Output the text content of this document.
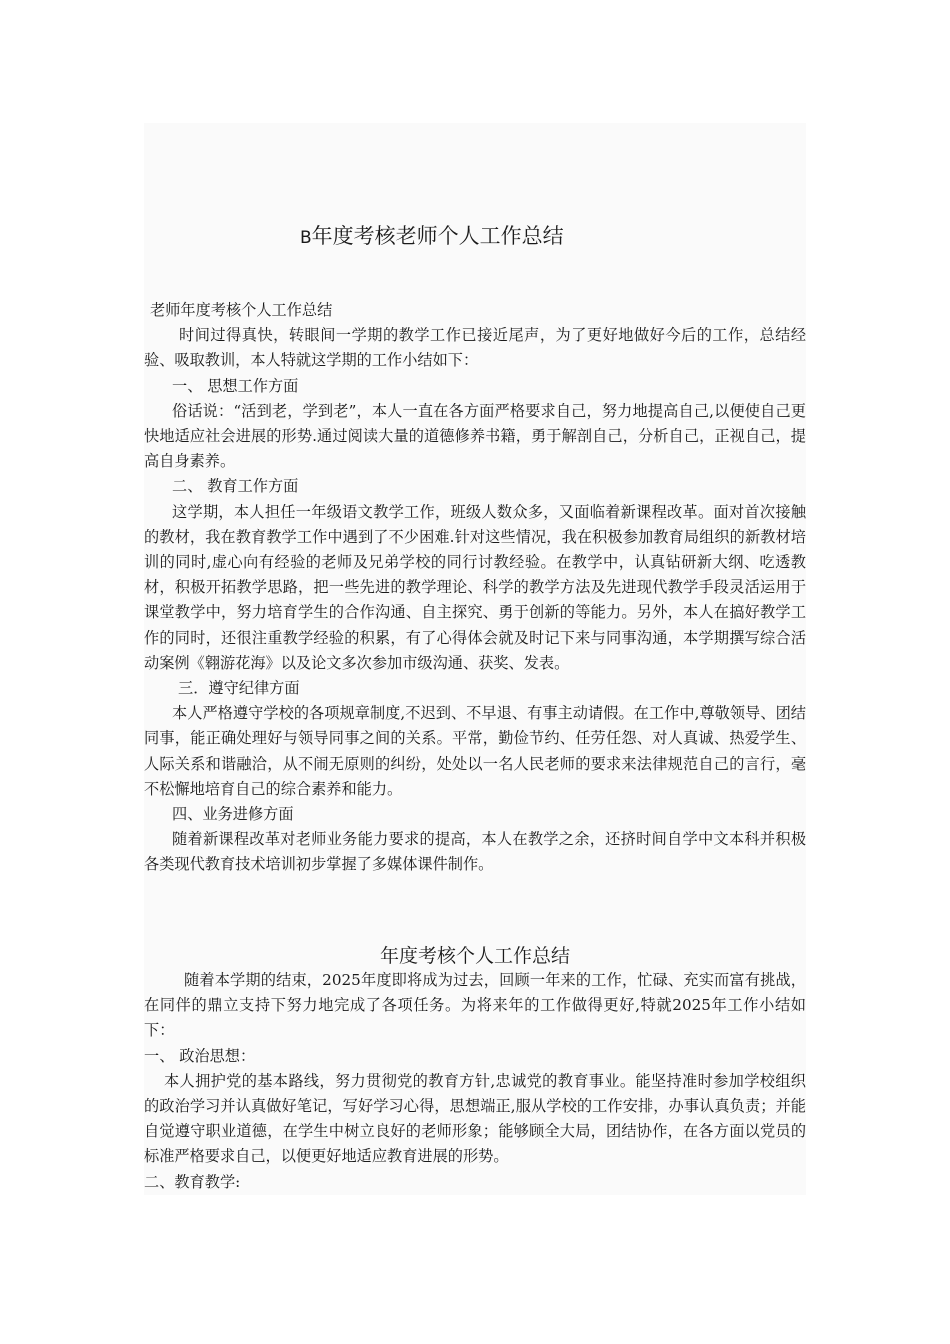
B年度考核老师个人工作总结

老师年度考核个人工作总结

时间过得真快，转眼间一学期的教学工作已接近尾声，为了更好地做好今后的工作，总结经验、吸取教训，本人特就这学期的工作小结如下：

一、 思想工作方面

俗话说：“活到老，学到老”，本人一直在各方面严格要求自己，努力地提高自己,以便使自己更快地适应社会进展的形势.通过阅读大量的道德修养书籍，勇于解剖自己，分析自己，正视自己，提高自身素养。

二、 教育工作方面

这学期，本人担任一年级语文教学工作，班级人数众多，又面临着新课程改革。面对首次接触的教材，我在教育教学工作中遇到了不少困难.针对这些情况，我在积极参加教育局组织的新教材培训的同时,虚心向有经验的老师及兄弟学校的同行讨教经验。在教学中，认真钻研新大纲、吃透教材，积极开拓教学思路，把一些先进的教学理论、科学的教学方法及先进现代教学手段灵活运用于课堂教学中，努力培育学生的合作沟通、自主探究、勇于创新的等能力。另外，本人在搞好教学工作的同时，还很注重教学经验的积累，有了心得体会就及时记下来与同事沟通，本学期撰写综合活动案例《翱游花海》以及论文多次参加市级沟通、获奖、发表。

三．遵守纪律方面

本人严格遵守学校的各项规章制度,不迟到、不早退、有事主动请假。在工作中,尊敬领导、团结同事，能正确处理好与领导同事之间的关系。平常，勤俭节约、任劳任怨、对人真诚、热爱学生、人际关系和谐融洽，从不闹无原则的纠纷，处处以一名人民老师的要求来法律规范自己的言行，毫不松懈地培育自己的综合素养和能力。

四、业务进修方面

随着新课程改革对老师业务能力要求的提高，本人在教学之余，还挤时间自学中文本科并积极各类现代教育技术培训初步掌握了多媒体课件制作。

年度考核个人工作总结

随着本学期的结束，2025年度即将成为过去，回顾一年来的工作，忙碌、充实而富有挑战，在同伴的鼎立支持下努力地完成了各项任务。为将来年的工作做得更好,特就2025年工作小结如下：

一、 政治思想：

本人拥护党的基本路线，努力贯彻党的教育方针,忠诚党的教育事业。能坚持准时参加学校组织的政治学习并认真做好笔记，写好学习心得，思想端正,服从学校的工作安排，办事认真负责；并能自觉遵守职业道德，在学生中树立良好的老师形象；能够顾全大局，团结协作，在各方面以党员的标准严格要求自己，以便更好地适应教育进展的形势。

二、教育教学:
